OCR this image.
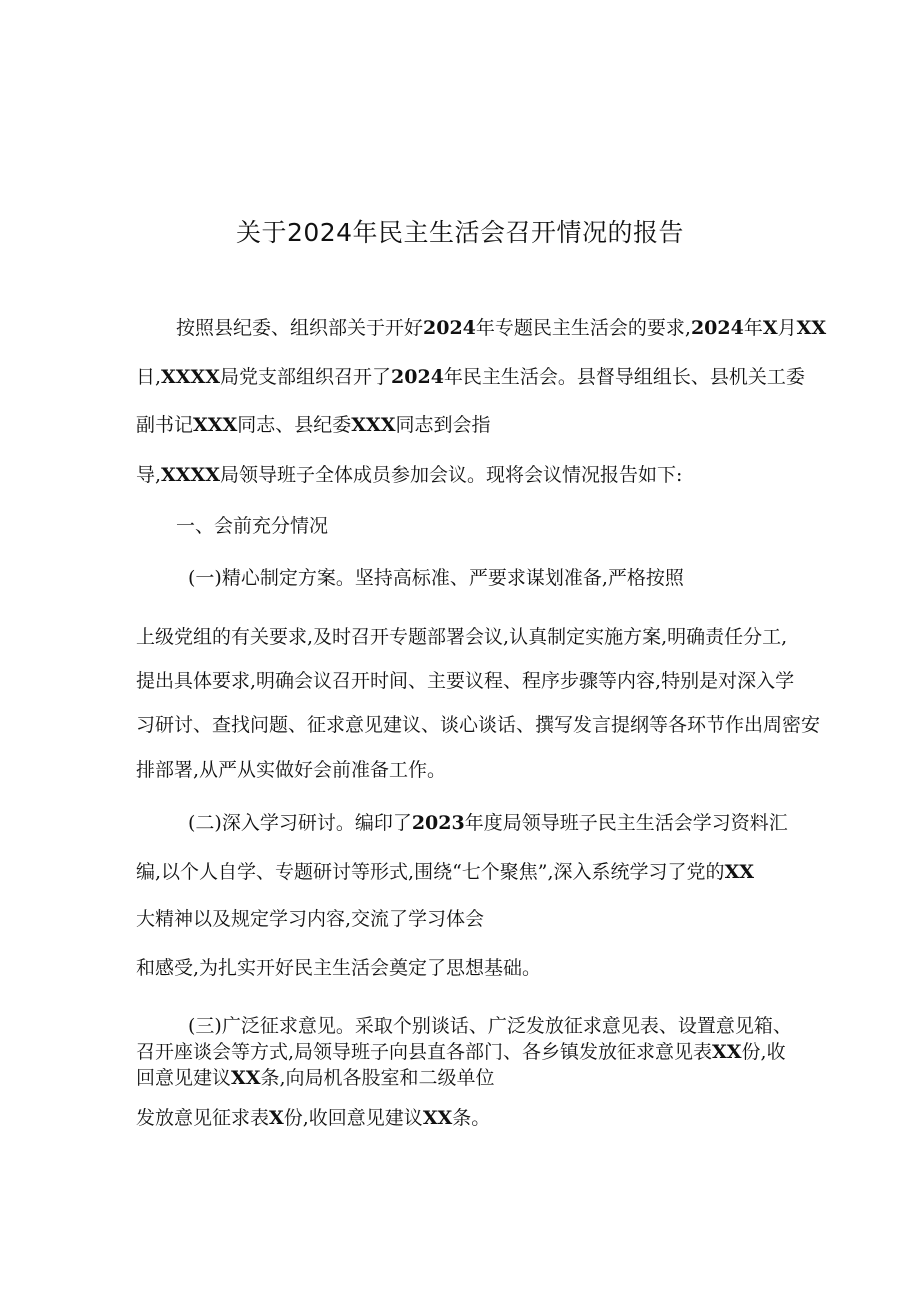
关于2024年民主生活会召开情况的报告
按照县纪委、组织部关于开好2024年专题民主生活会的要求,2024年X月XX
日,XXXX局党支部组织召开了2024年民主生活会。县督导组组长、县机关工委
副书记XXX同志、县纪委XXX同志到会指
导,XXXX局领导班子全体成员参加会议。现将会议情况报告如下:
一、会前充分情况
(一)精心制定方案。坚持高标准、严要求谋划准备,严格按照
上级党组的有关要求,及时召开专题部署会议,认真制定实施方案,明确责任分工,
提出具体要求,明确会议召开时间、主要议程、程序步骤等内容,特别是对深入学
习研讨、查找问题、征求意见建议、谈心谈话、撰写发言提纲等各环节作出周密安
排部署,从严从实做好会前准备工作。
(二)深入学习研讨。编印了2023年度局领导班子民主生活会学习资料汇
编,以个人自学、专题研讨等形式,围绕“七个聚焦”,深入系统学习了党的XX
大精神以及规定学习内容,交流了学习体会
和感受,为扎实开好民主生活会奠定了思想基础。
(三)广泛征求意见。采取个别谈话、广泛发放征求意见表、设置意见箱、
召开座谈会等方式,局领导班子向县直各部门、各乡镇发放征求意见表XX份,收
回意见建议XX条,向局机各股室和二级单位
发放意见征求表X份,收回意见建议XX条。
